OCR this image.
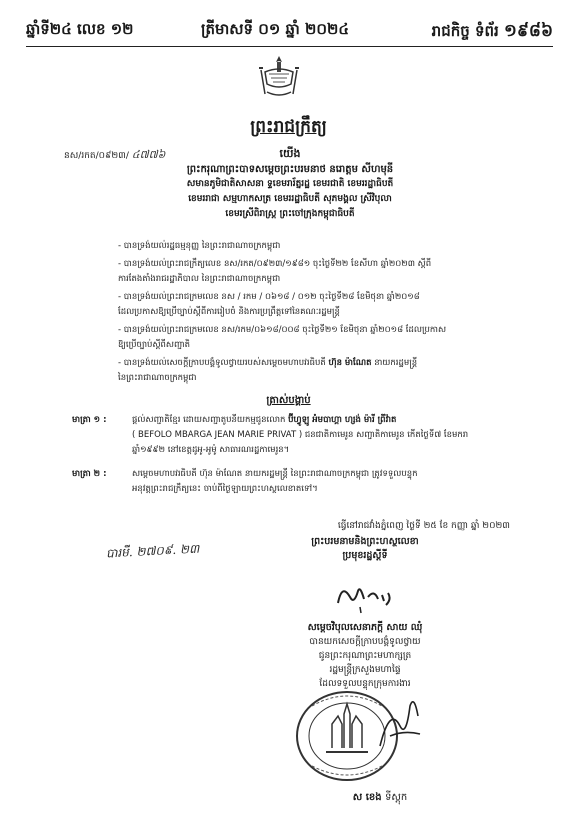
ឆ្នាំទី២៤ លេខ ១២	ត្រីមាសទី ០១ ឆ្នាំ ២០២៤	រាជកិច្ច ទំព័រ ១៩៨៦
ព្រះរាជក្រឹត្យ
នស/រកត/០៩២៣/ ៤៧៧៦	យើង
ព្រះករុណាព្រះបាទសម្តេចព្រះបរមនាថ នរោត្តម សីហមុនី
សមានភូមិជាតិសាសនា ទ្ទខេមរារ័ត្នរដ្ឋ ខេមរជាតិ ខេមររដ្ឋាធិបតី
ខេមររាជា សម្មហាកសត្រ ខេមររដ្ឋាធិបតី សុភមង្គល ស្រីវិបុលា
ខេមរស្រីពិរាស្ត្រ ព្រះចៅក្រុងកម្ពុជាធិបតី
- បានទ្រង់យល់រដ្ឋធម្មនុញ្ញ នៃព្រះរាជាណាចក្រកម្ពុជា
- បានទ្រង់យល់ព្រះរាជក្រឹត្យលេខ នស/រកត/០៩២៣/១៩៨១ ចុះថ្ងៃទី២២ ខែសីហា ឆ្នាំ២០២៣ ស្តីពី
ការតែងតាំងរាជរដ្ឋាភិបាល នៃព្រះរាជាណាចក្រកម្ពុជា
- បានទ្រង់យល់ព្រះរាជក្រមលេខ នស / រកម / ០៦១៨ / ០១២ ចុះថ្ងៃទី២៨ ខែមិថុនា ឆ្នាំ២០១៨
ដែលប្រកាសឱ្យប្រើច្បាប់ស្តីពីការរៀបចំ និងការប្រព្រឹត្តទៅនៃគណៈរដ្ឋមន្ត្រី
- បានទ្រង់យល់ព្រះរាជក្រមលេខ នស/រកម/០៦១៨/០០៨ ចុះថ្ងៃទី២១ ខែមិថុនា ឆ្នាំ២០១៨ ដែលប្រកាស
ឱ្យប្រើច្បាប់ស្តីពីសញ្ជាតិ
- បានទ្រង់យល់សេចក្តីក្រាបបង្គំទូលថ្វាយរបស់សម្តេចមហាបវរធិបតី ហ៊ុន ម៉ាណែត នាយករដ្ឋមន្ត្រី
នៃព្រះរាជាណាចក្រកម្ពុជា
ត្រាស់បង្គាប់
មាត្រា ១ :	ផ្តល់សញ្ជាតិខ្មែរ ដោយសញ្ជាតូបនីយកម្មជូនលោក ប៊ីហ្វូឡូ អំមបាហ្គា ហ្សង់ ម៉ារី ព្រីវ៉ាត
( BEFOLO MBARGA JEAN MARIE PRIVAT ) ជនជាតិកាមេរូន សញ្ជាតិកាមេរូន កើតថ្ងៃទី៧ ខែមករា
ឆ្នាំ១៩៩២ នៅខេត្តដូអូ-អូម៉ូ សាធារណរដ្ឋកាមេរូន។
មាត្រា ២ :	សម្តេចមហាបវរធិបតី ហ៊ុន ម៉ាណែត នាយករដ្ឋមន្ត្រី នៃព្រះរាជាណាចក្រកម្ពុជា ត្រូវទទួលបន្ទុក
អនុវត្តព្រះរាជក្រឹត្យនេះ ចាប់ពីថ្ងៃឡាយព្រះហស្ថលេខាតទៅ។
ធ្វើនៅរាជវាំងភ្នំពេញ ថ្ងៃទី ២៥ ខែ កញ្ញា ឆ្នាំ ២០២៣
ព្រះបរមនាមនិងព្រះហស្ថលេខា
ប្រមុខរដ្ឋស្តីទី
បារមី. ២៧០៩. ២៣
សម្តេចវិបុលសេនាភក្តី សាយ ឈុំ
បានយកសេចក្តីក្រាបបង្គំទូលថ្វាយ
ជូនព្រះករុណាព្រះមហាក្សត្រ
រដ្ឋមន្ត្រីក្រសួងមហាផ្ទៃ
ដែលទទួលបន្ទុកក្រុមការងារ
ស ខេង ទីស្ដុក
